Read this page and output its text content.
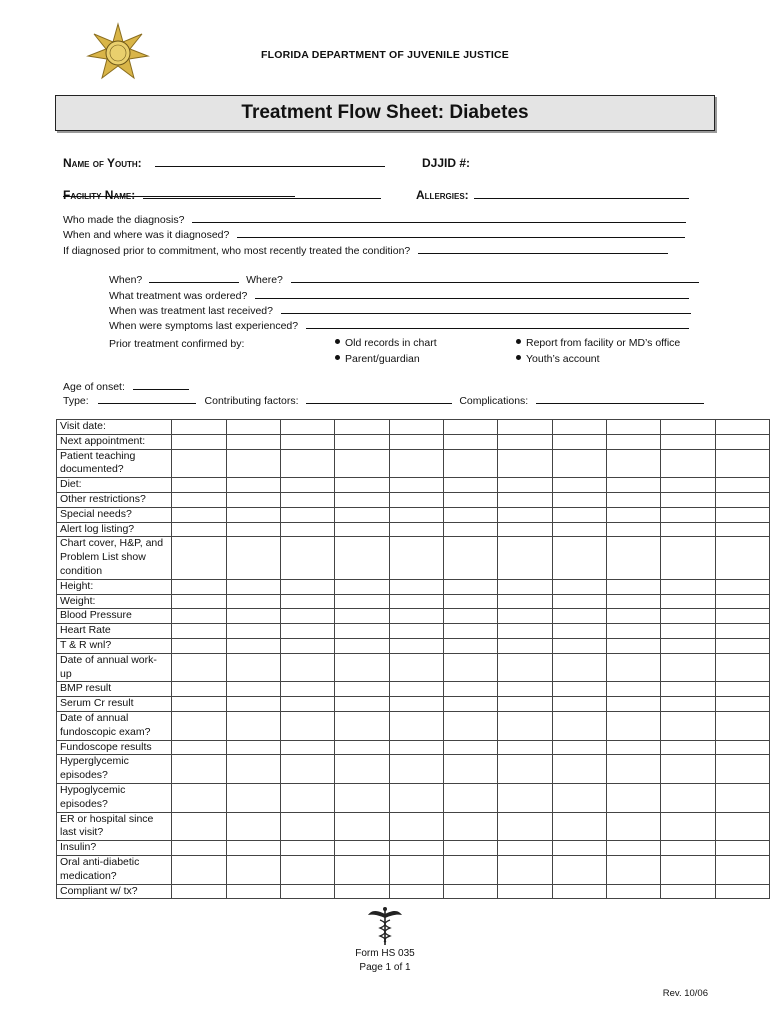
FLORIDA DEPARTMENT OF JUVENILE JUSTICE
Treatment Flow Sheet: Diabetes
Name of Youth:	DJJID #:
Facility Name:	Allergies:
Who made the diagnosis?
When and where was it diagnosed?
If diagnosed prior to commitment, who most recently treated the condition?
When?	Where?
What treatment was ordered?
When was treatment last received?
When were symptoms last experienced?
Prior treatment confirmed by:	Old records in chart	Report from facility or MD’s office
Parent/guardian	Youth’s account
Age of onset:
Type:	Contributing factors:	Complications:
Visit date:											
Next appointment:											
Patient teaching documented?											
Diet:											
Other restrictions?											
Special needs?											
Alert log listing?											
Chart cover, H&P, and Problem List show condition											
Height:											
Weight:											
Blood Pressure											
Heart Rate											
T & R wnl?											
Date of annual work-up											
BMP result											
Serum Cr result											
Date of annual fundoscopic exam?											
Fundoscope results											
Hyperglycemic episodes?											
Hypoglycemic episodes?											
ER or hospital since last visit?											
Insulin?											
Oral anti-diabetic medication?											
Compliant w/ tx?											
Form HS 035
Page 1 of 1
Rev. 10/06
